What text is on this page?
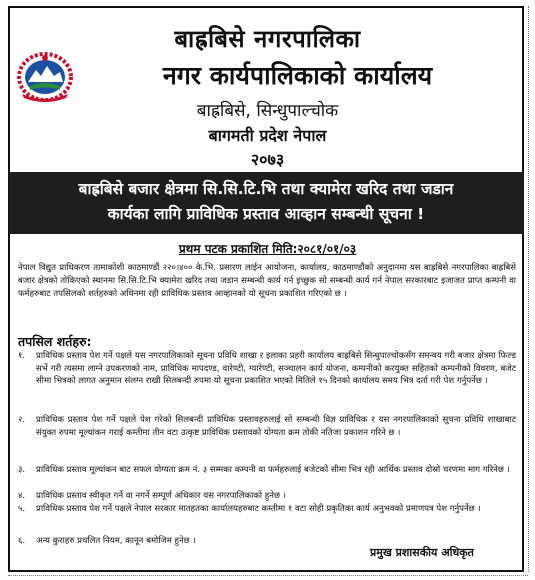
बाह्रबिसे नगरपालिका
नगर कार्यपालिकाको कार्यालय
बाह्रबिसे, सिन्धुपाल्चोक
बागमती प्रदेश नेपाल
२०७३
बाह्रबिसे बजार क्षेत्रमा सि.सि.टि.भि तथा क्यामेरा खरिद तथा जडान
कार्यका लागि प्राविधिक प्रस्ताव आव्हान सम्बन्धी सूचना !
प्रथम पटक प्रकाशित मिति:२०८१/०१/०३
नेपाल विद्युत प्राधिकरण तामाकोशी काठमाण्डौं २२०।४०० के.भि. प्रसारण लाईन आयोजना, कार्यालय, काठमाण्डौंको अनुदानमा यस बाह्रबिसे नगरपालिका बाह्रबिसे बजार क्षेत्रको तोकिएको स्थानमा सि.सि.टि.भि क्यामेरा खरिद तथा जडान सम्बन्धी कार्य गर्न इच्छुक सो सम्बन्धी कार्य गर्न नेपाल सरकारबाट इजाजत प्राप्त कम्पनी वा फर्महरुबाट तपसिलको शर्तहरुको अधिनमा रही प्राविधिक प्रस्ताव आव्हानको यो सूचना प्रकाशित गरिएको छ ।
तपसिल शर्तहरु:
१.	प्राविधिक प्रस्ताव पेश गर्ने पक्षले यस नगरपालिकाको सूचना प्रविधि शाखा र इलाका प्रहरी कार्यालय बाह्रबिसे सिन्धुपाल्चोकसँग समन्वय गरी बजार क्षेत्रमा फिल्ड सर्भे गरी त्यसमा लाग्ने उपकरणको नाम, प्राविधिक मापदण्ड, वारेण्टी, ग्यारेण्टी, सञ्चालन कार्य योजना, कम्पनीको करयुक्त सहितको कम्पनीको विवरण, बजेट सीमा भित्रको लागत अनुमान संलग्न राखी सिलबन्दी रुपमा यो सूचना प्रकाशित भएको मितिले १५ दिनको कार्यालय समय भित्र दर्ता गरी पेश गर्नुपर्नेछ ।
२.	प्राविधिक प्रस्ताव पेश गर्ने पक्षले पेश गरेको सिलबन्दी प्राविधिक प्रस्तावहरुलाई सो सम्बन्धी विज्ञ प्राविधिक र यस नगरपालिकाको सूचना प्रविधि शाखाबाट संयुक्त रुपमा मूल्यांकन गराई कम्तीमा तीन वटा उत्कृष्ट प्राविधिक प्रस्तावको योग्यता क्रम तोकी नतिजा प्रकाशन गरिने छ ।
३.	प्राविधिक प्रस्ताव मूल्यांकन बाट सफल योग्यता क्रम नं. ३ सम्मका कम्पनी वा फर्महरुलाई बजेटको सीमा भित्र रही आर्थिक प्रस्ताव दोस्रो चरणमा माग गरिनेछ ।
४.	प्राविधिक प्रस्ताव स्वीकृत गर्ने वा नगर्ने सम्पूर्ण अधिकार यस नगरपालिकाको हुनेछ ।
५.	प्राविधिक प्रस्ताव पेश गर्ने पक्षले नेपाल सरकार मातहतका कार्यालयहरुबाट कम्तीमा १ वटा सोही प्रकृतिका कार्य अनुभवको प्रमाणपत्र पेश गर्नुपर्नेछ ।
६.	अन्य कुराहरु प्रचलित नियम, कानून बमोजिम हुनेछ ।
प्रमुख प्रशासकीय अधिकृत
